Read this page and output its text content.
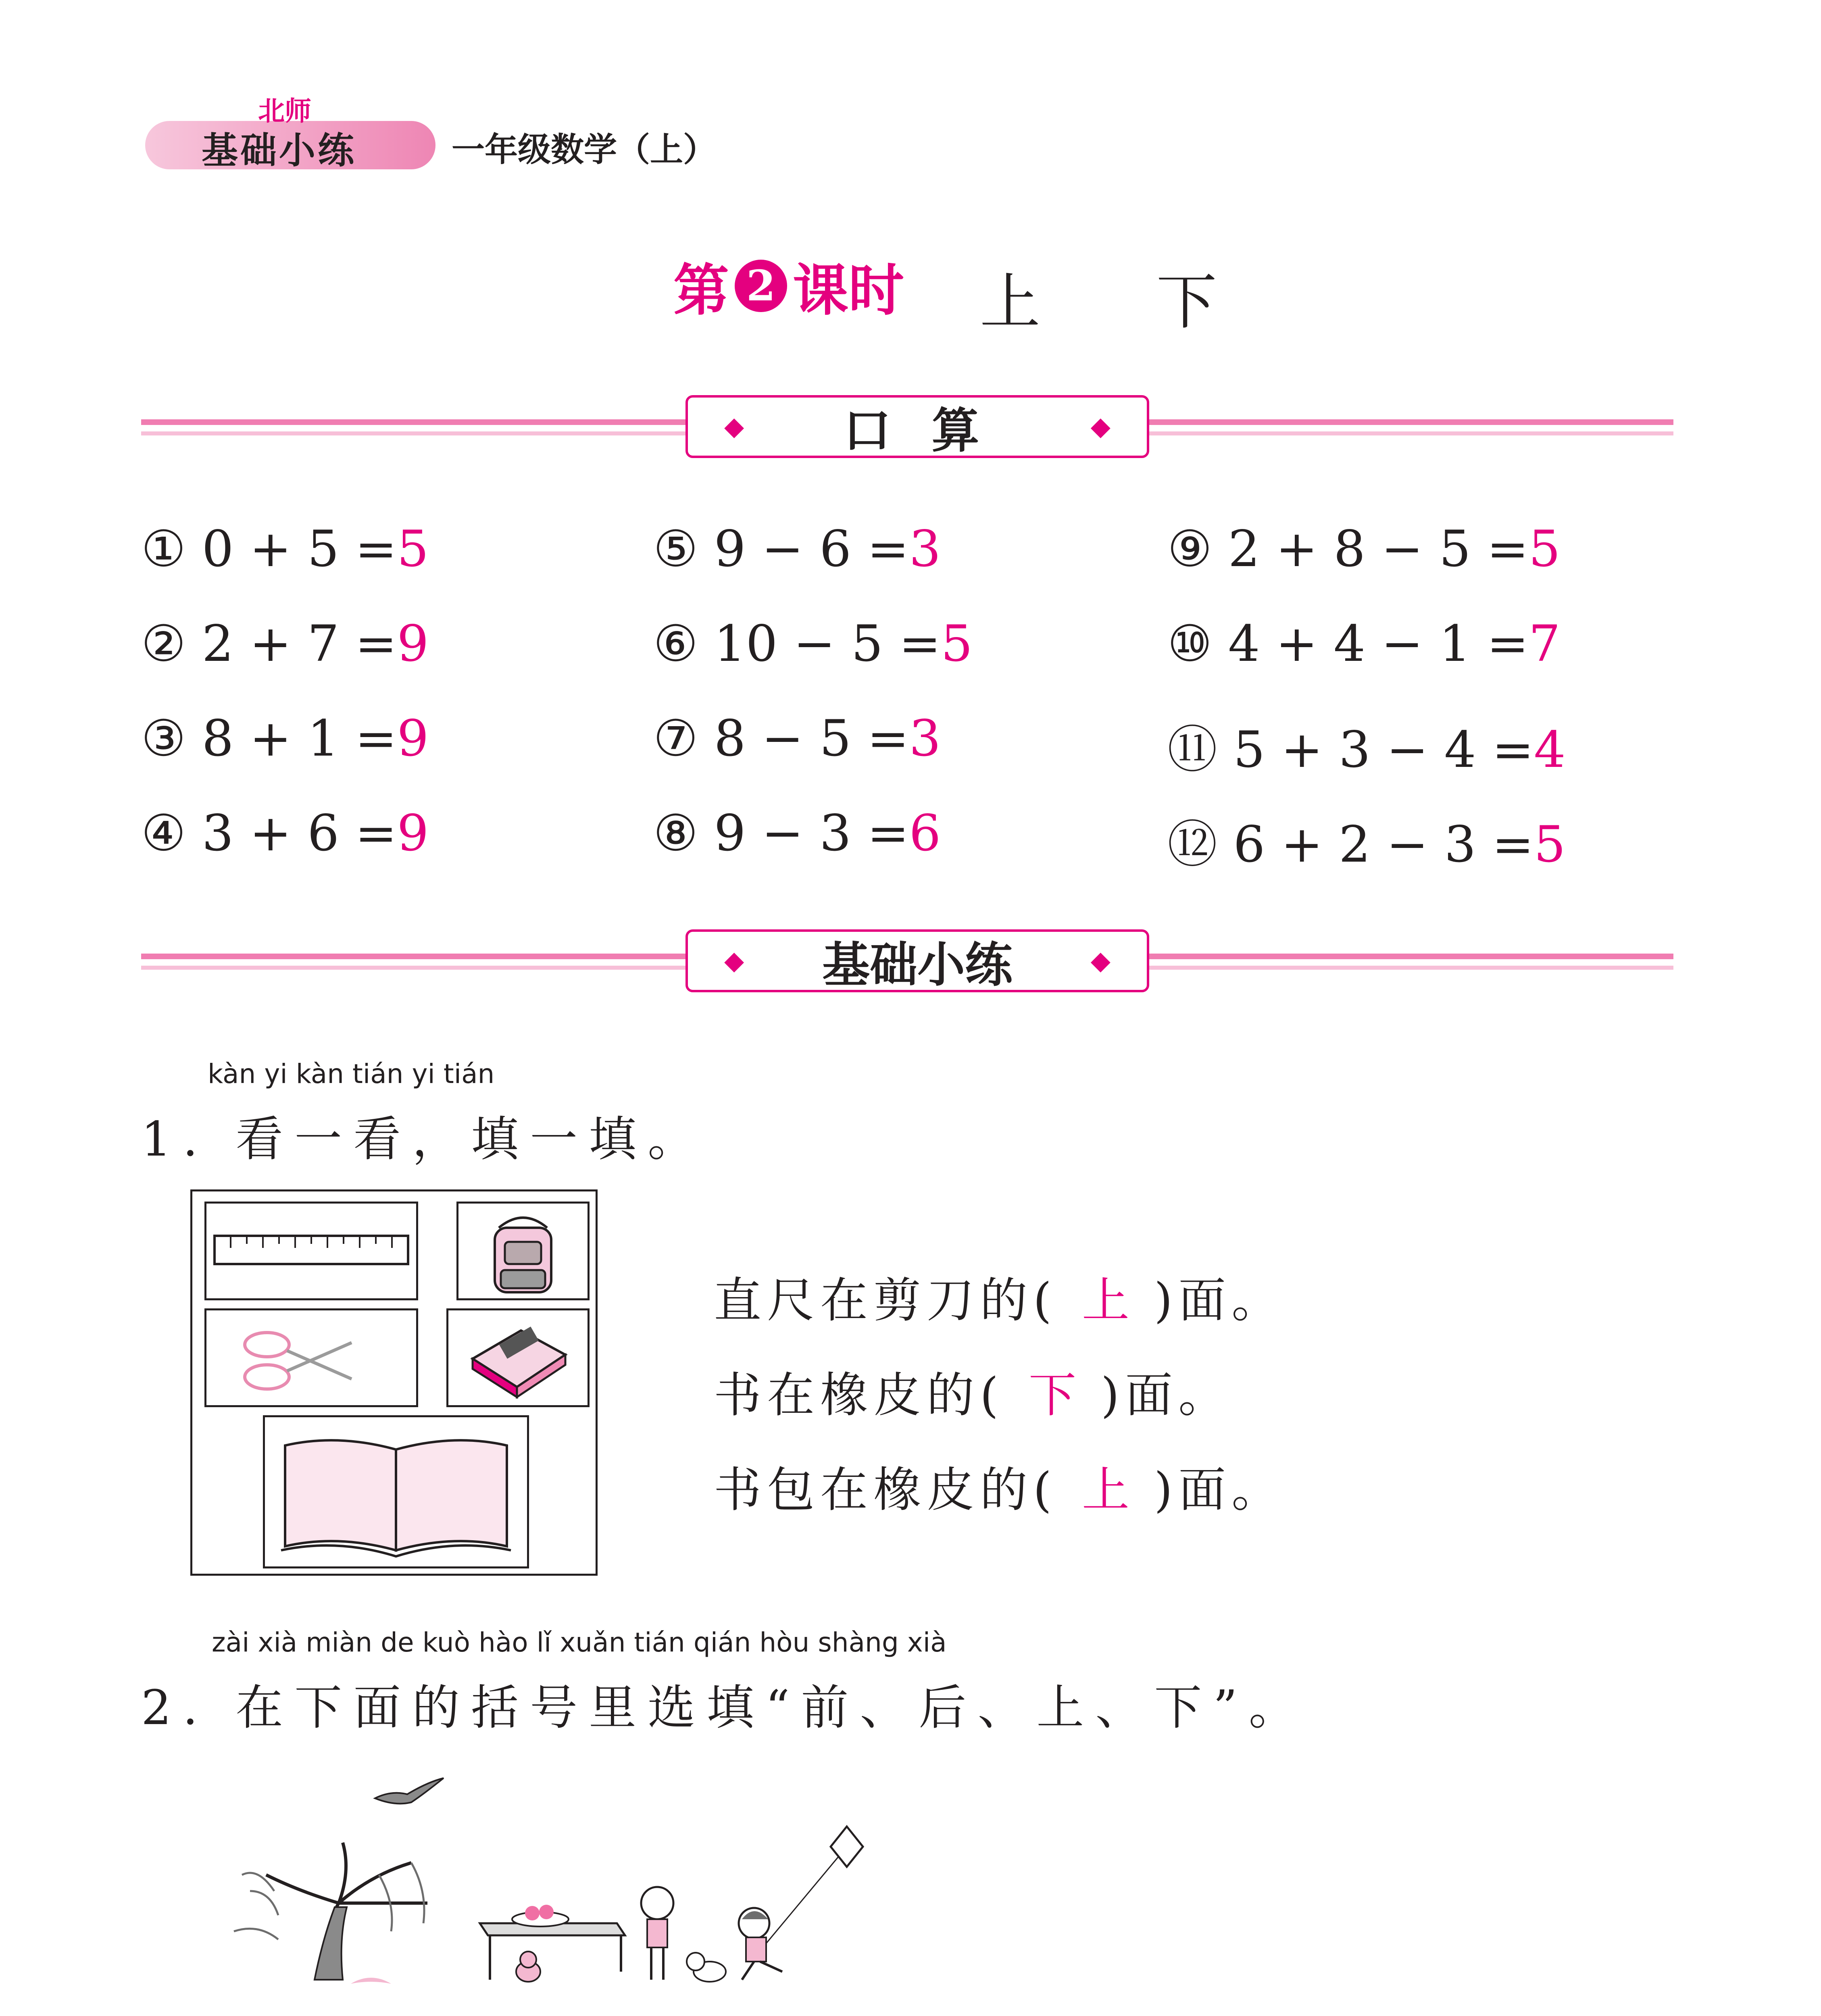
北师
基础小练	一年级数学（上）
第 2 课时 上 下
◆ 口 算	◆
① 0 + 5 =5
② 2 + 7 =9
③ 8 + 1 =9
④ 3 + 6 =9
⑤ 9 − 6 =3
⑥ 10 − 5 =5
⑦ 8 − 5 =3
⑧ 9 − 3 =6
⑨ 2 + 8 − 5 =5
⑩ 4 + 4 − 1 =7
⑪ 5 + 3 − 4 =4
⑫ 6 + 2 − 3 =5
◆ 基础小练	◆
kàn yi kàn tián yi tián
1. 看一看，填一填。
直尺在剪刀的( 上 )面。
书在橡皮的( 下 )面。
书包在橡皮的( 上 )面。
zài xià miàn de kuò hào lǐ xuǎn tián qián hòu shàng xià
2. 在下面的括号里选填“前、后、上、下”。
